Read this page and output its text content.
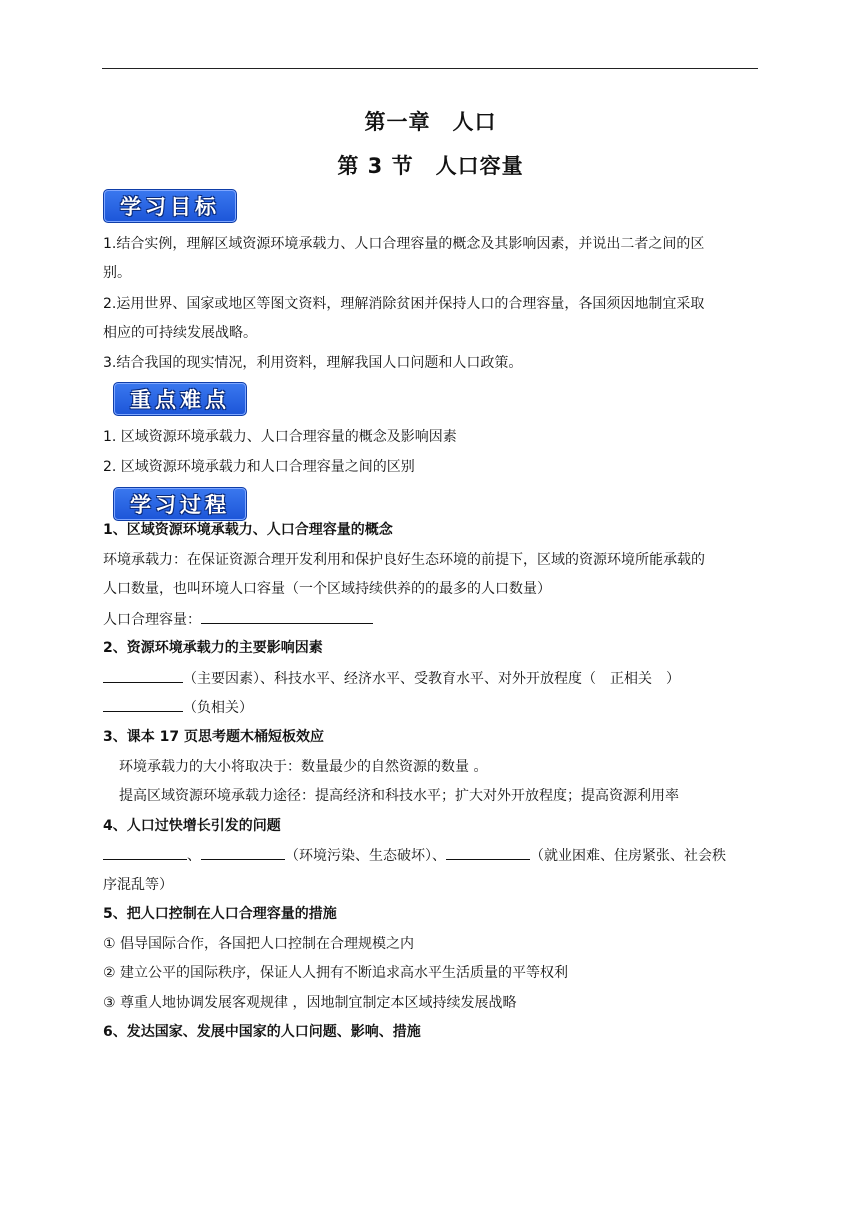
第一章　人口
第 3 节　人口容量
学习目标
1.结合实例，理解区域资源环境承载力、人口合理容量的概念及其影响因素，并说出二者之间的区
别。
2.运用世界、国家或地区等图文资料，理解消除贫困并保持人口的合理容量，各国须因地制宜采取
相应的可持续发展战略。
3.结合我国的现实情况，利用资料，理解我国人口问题和人口政策。
重点难点
1. 区域资源环境承载力、人口合理容量的概念及影响因素
2. 区域资源环境承载力和人口合理容量之间的区别
学习过程
1、区域资源环境承载力、人口合理容量的概念
环境承载力：在保证资源合理开发利用和保护良好生态环境的前提下，区域的资源环境所能承载的
人口数量，也叫环境人口容量（一个区域持续供养的的最多的人口数量）
人口合理容量：
2、资源环境承载力的主要影响因素
（主要因素）、科技水平、经济水平、受教育水平、对外开放程度（　正相关　）
（负相关）
3、课本 17 页思考题木桶短板效应
环境承载力的大小将取决于：数量最少的自然资源的数量 。
提高区域资源环境承载力途径：提高经济和科技水平；扩大对外开放程度；提高资源利用率
4、人口过快增长引发的问题
、	（环境污染、生态破坏）、	（就业困难、住房紧张、社会秩
序混乱等）
5、把人口控制在人口合理容量的措施
① 倡导国际合作，各国把人口控制在合理规模之内
② 建立公平的国际秩序，保证人人拥有不断追求高水平生活质量的平等权利
③ 尊重人地协调发展客观规律 ，因地制宜制定本区域持续发展战略
6、发达国家、发展中国家的人口问题、影响、措施
